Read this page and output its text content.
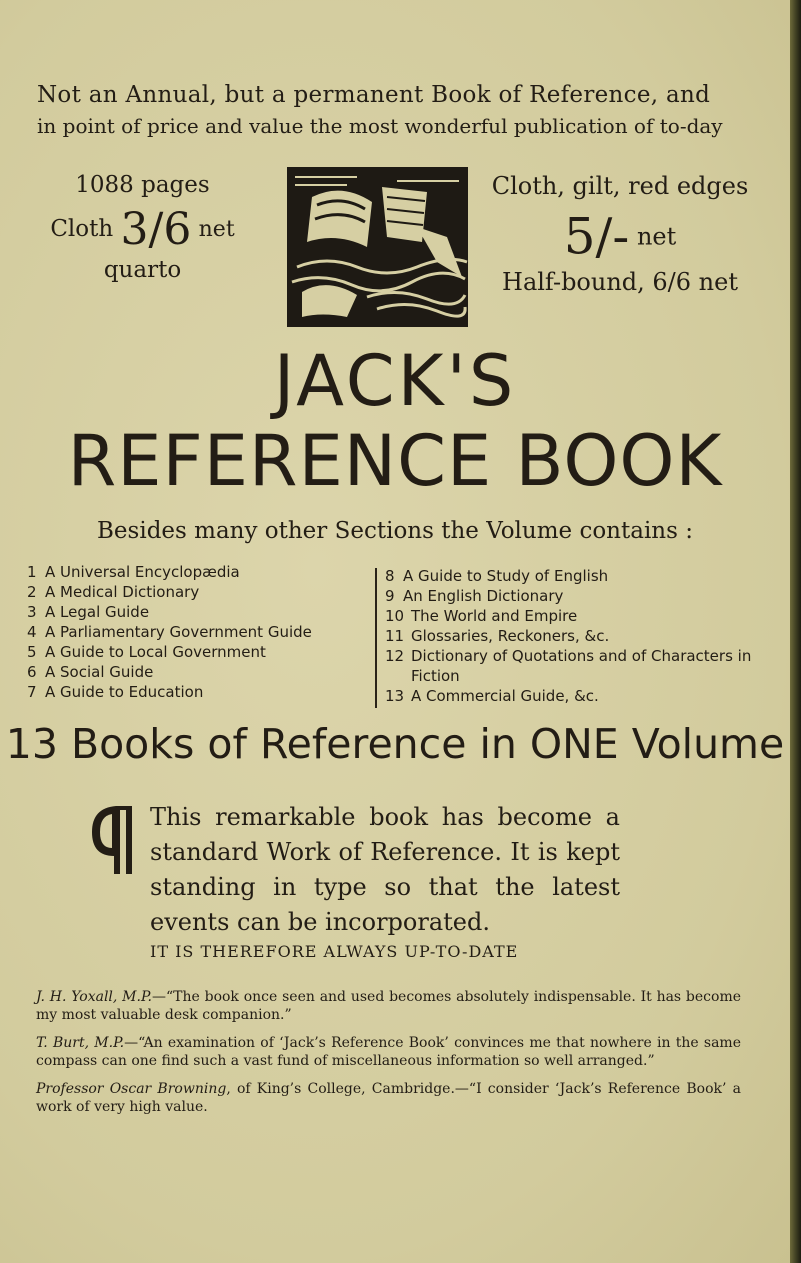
Not an Annual, but a permanent Book of Reference, and
in point of price and value the most wonderful publication of to-day
1088 pages
Cloth 3/6 net
quarto
Cloth, gilt, red edges
5/- net
Half-bound, 6/6 net
JACK'S
REFERENCE BOOK
Besides many other Sections the Volume contains :
1 A Universal Encyclopædia
2 A Medical Dictionary
3 A Legal Guide
4 A Parliamentary Government Guide
5 A Guide to Local Government
6 A Social Guide
7 A Guide to Education
8 A Guide to Study of English
9 An English Dictionary
10 The World and Empire
11 Glossaries, Reckoners, &c.
12 Dictionary of Quotations and of Characters in Fiction
13 A Commercial Guide, &c.
13 Books of Reference in ONE Volume
This remarkable book has become a standard Work of Reference. It is kept standing in type so that the latest events can be incorporated.
IT IS THEREFORE ALWAYS UP-TO-DATE

J. H. Yoxall, M.P.—“The book once seen and used becomes absolutely indispensable. It has become my most valuable desk companion.”

T. Burt, M.P.—“An examination of ‘Jack’s Reference Book’ convinces me that nowhere in the same compass can one find such a vast fund of miscellaneous information so well arranged.”

Professor Oscar Browning, of King’s College, Cambridge.—“I consider ‘Jack’s Reference Book’ a work of very high value.
